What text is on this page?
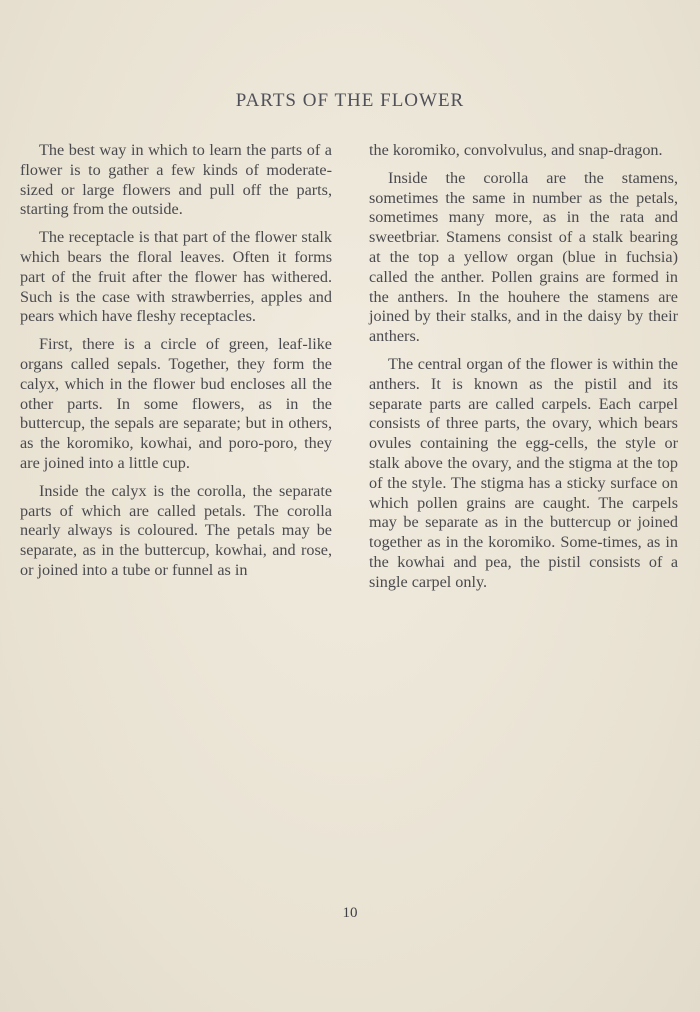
PARTS OF THE FLOWER

The best way in which to learn the parts of a flower is to gather a few kinds of moderate-sized or large flowers and pull off the parts, starting from the outside.

The receptacle is that part of the flower stalk which bears the floral leaves. Often it forms part of the fruit after the flower has withered. Such is the case with strawberries, apples and pears which have fleshy receptacles.

First, there is a circle of green, leaf-like organs called sepals. Together, they form the calyx, which in the flower bud encloses all the other parts. In some flowers, as in the buttercup, the sepals are separate; but in others, as the koromiko, kowhai, and poro-poro, they are joined into a little cup.

Inside the calyx is the corolla, the separate parts of which are called petals. The corolla nearly always is coloured. The petals may be separate, as in the buttercup, kowhai, and rose, or joined into a tube or funnel as in

the koromiko, convolvulus, and snap-dragon.

Inside the corolla are the stamens, sometimes the same in number as the petals, sometimes many more, as in the rata and sweetbriar. Stamens consist of a stalk bearing at the top a yellow organ (blue in fuchsia) called the anther. Pollen grains are formed in the anthers. In the houhere the stamens are joined by their stalks, and in the daisy by their anthers.

The central organ of the flower is within the anthers. It is known as the pistil and its separate parts are called carpels. Each carpel consists of three parts, the ovary, which bears ovules containing the egg-cells, the style or stalk above the ovary, and the stigma at the top of the style. The stigma has a sticky surface on which pollen grains are caught. The carpels may be separate as in the buttercup or joined together as in the koromiko. Some-times, as in the kowhai and pea, the pistil consists of a single carpel only.

10
